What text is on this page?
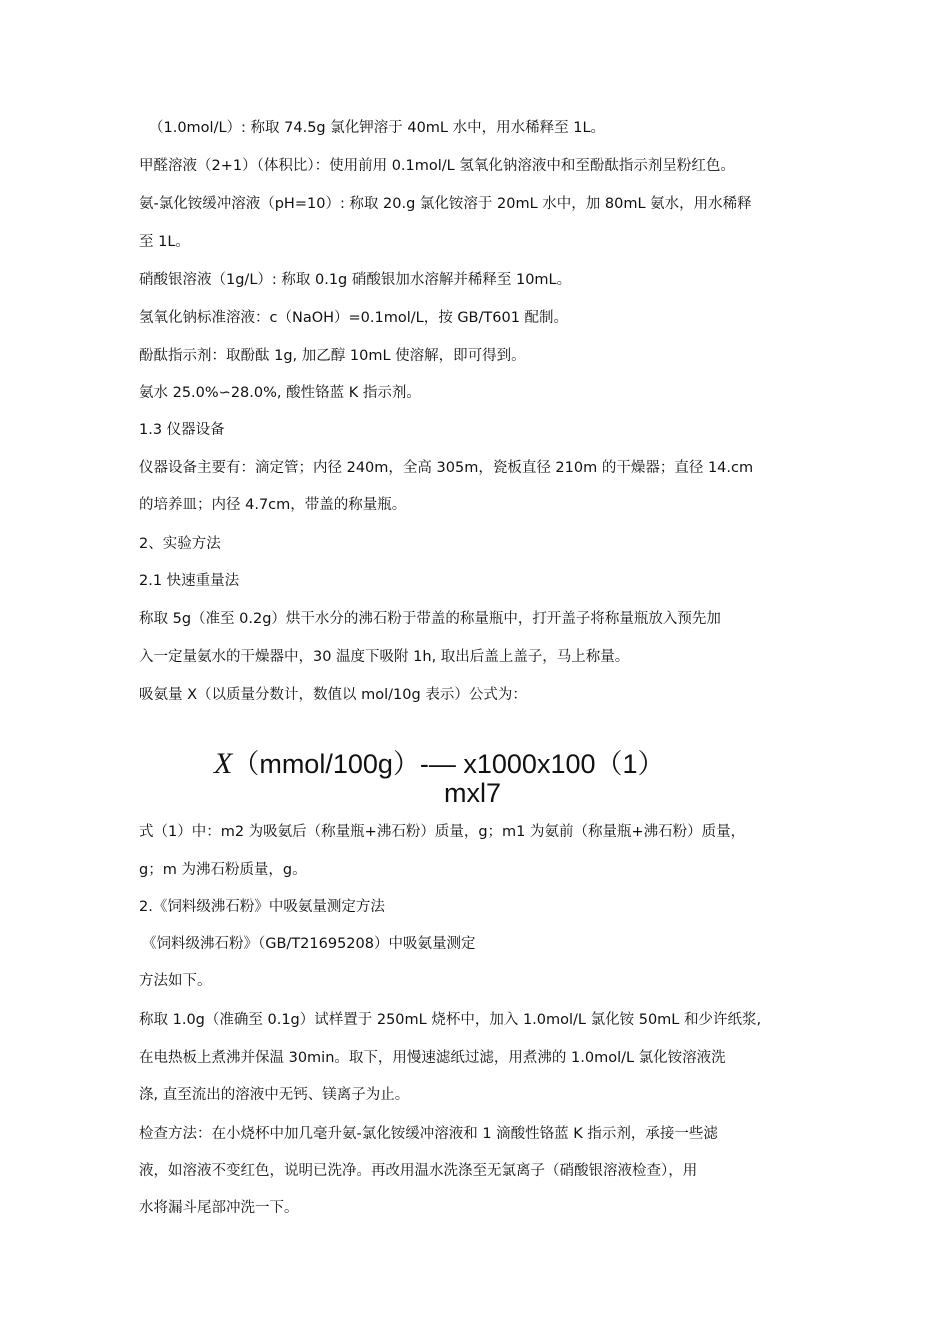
（1.0mol/L）: 称取 74.5g 氯化钾溶于 40mL 水中，用水稀释至 1L。
甲醛溶液（2+1）（体积比）：使用前用 0.1mol/L 氢氧化钠溶液中和至酚酞指示剂呈粉红色。
氨-氯化铵缓冲溶液（pH=10）: 称取 20.g 氯化铵溶于 20mL 水中，加 80mL 氨水，用水稀释
至 1L。
硝酸银溶液（1g/L）: 称取 0.1g 硝酸银加水溶解并稀释至 10mL。
氢氧化钠标准溶液：c（NaOH）=0.1mol/L，按 GB/T601 配制。
酚酞指示剂：取酚酞 1g, 加乙醇 10mL 使溶解，即可得到。
氨水 25.0%∽28.0%, 酸性铬蓝 K 指示剂。
1.3 仪器设备
仪器设备主要有：滴定管；内径 240m，全高 305m，瓷板直径 210m 的干燥器；直径 14.cm
的培养皿；内径 4.7cm，带盖的称量瓶。
2、实验方法
2.1 快速重量法
称取 5g（准至 0.2g）烘干水分的沸石粉于带盖的称量瓶中，打开盖子将称量瓶放入预先加
入一定量氨水的干燥器中，30 温度下吸附 1h, 取出后盖上盖子，马上称量。
吸氨量 X（以质量分数计，数值以 mol/10g 表示）公式为：
X（mmol/100g）-— x1000x100（1）
mxl7
式（1）中：m2 为吸氨后（称量瓶+沸石粉）质量，g；m1 为氨前（称量瓶+沸石粉）质量，
g；m 为沸石粉质量，g。
2.《饲料级沸石粉》中吸氨量测定方法
《饲料级沸石粉》（GB/T21695208）中吸氨量测定
方法如下。
称取 1.0g（准确至 0.1g）试样置于 250mL 烧杯中，加入 1.0mol/L 氯化铵 50mL 和少许纸浆,
在电热板上煮沸并保温 30min。取下，用慢速滤纸过滤，用煮沸的 1.0mol/L 氯化铵溶液洗
涤, 直至流出的溶液中无钙、镁离子为止。
检查方法：在小烧杯中加几毫升氨-氯化铵缓冲溶液和 1 滴酸性铬蓝 K 指示剂，承接一些滤
液，如溶液不变红色，说明已洗净。再改用温水洗涤至无氯离子（硝酸银溶液检查），用
水将漏斗尾部冲洗一下。
